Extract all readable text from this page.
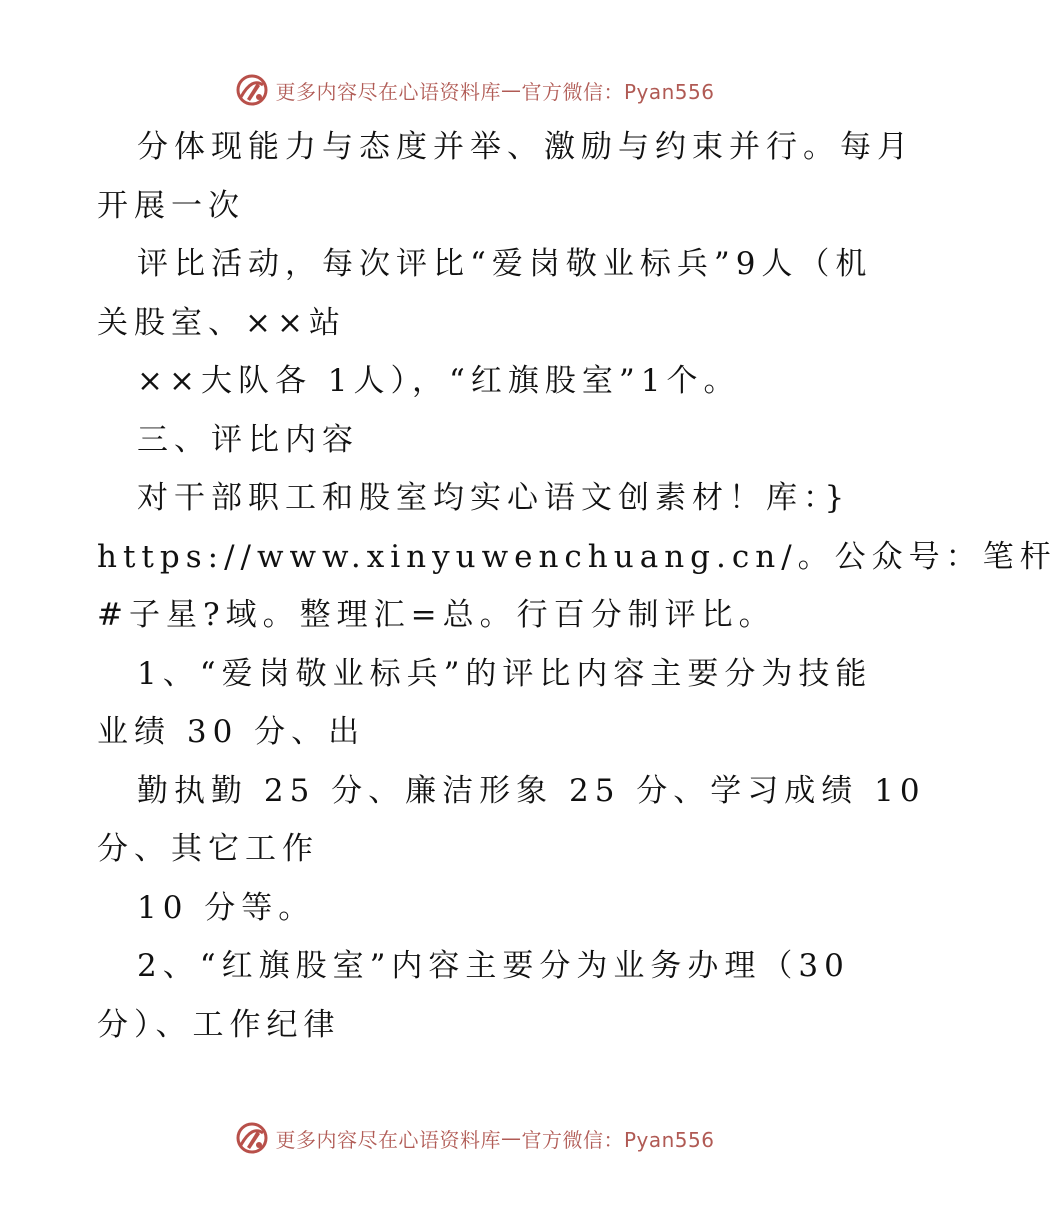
更多内容尽在心语资料库 — 官方微信：Pyan556
分体现能力与态度并举、激励与约束并行。每月
开展一次
评比活动，每次评比“爱岗敬业标兵”9人（机
关股室、××站
××大队各 1人），“红旗股室”1个。
三、评比内容
对干部职工和股室均实心语文创素材！库：}
https://www.xinyuwenchuang.cn/。公众号：笔杆
#子星?域。整理汇=总。行百分制评比。
1、“爱岗敬业标兵”的评比内容主要分为技能
业绩 30 分、出
勤执勤 25 分、廉洁形象 25 分、学习成绩 10
分、其它工作
10 分等。
2、“红旗股室”内容主要分为业务办理（30
分）、工作纪律
更多内容尽在心语资料库 — 官方微信：Pyan556
